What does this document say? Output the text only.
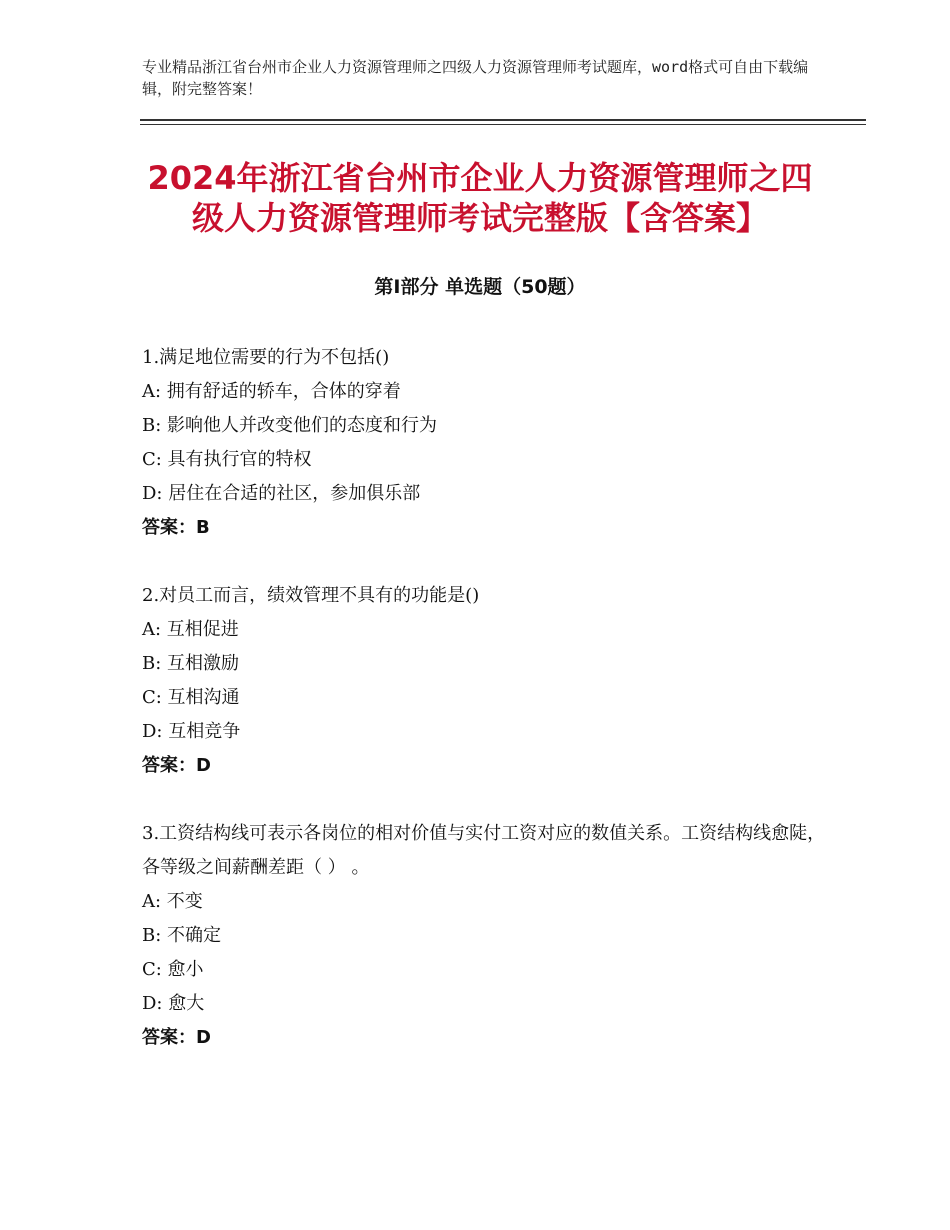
专业精品浙江省台州市企业人力资源管理师之四级人力资源管理师考试题库，word格式可自由下载编辑，附完整答案！
2024年浙江省台州市企业人力资源管理师之四级人力资源管理师考试完整版【含答案】
第Ⅰ部分 单选题（50题）

1.满足地位需要的行为不包括()

A: 拥有舒适的轿车，合体的穿着

B: 影响他人并改变他们的态度和行为

C: 具有执行官的特权

D: 居住在合适的社区，参加俱乐部

答案：B

2.对员工而言，绩效管理不具有的功能是()

A: 互相促进

B: 互相激励

C: 互相沟通

D: 互相竞争

答案：D

3.工资结构线可表示各岗位的相对价值与实付工资对应的数值关系。工资结构线愈陡， 各等级之间薪酬差距（ ） 。

A: 不变

B: 不确定

C: 愈小

D: 愈大

答案：D
